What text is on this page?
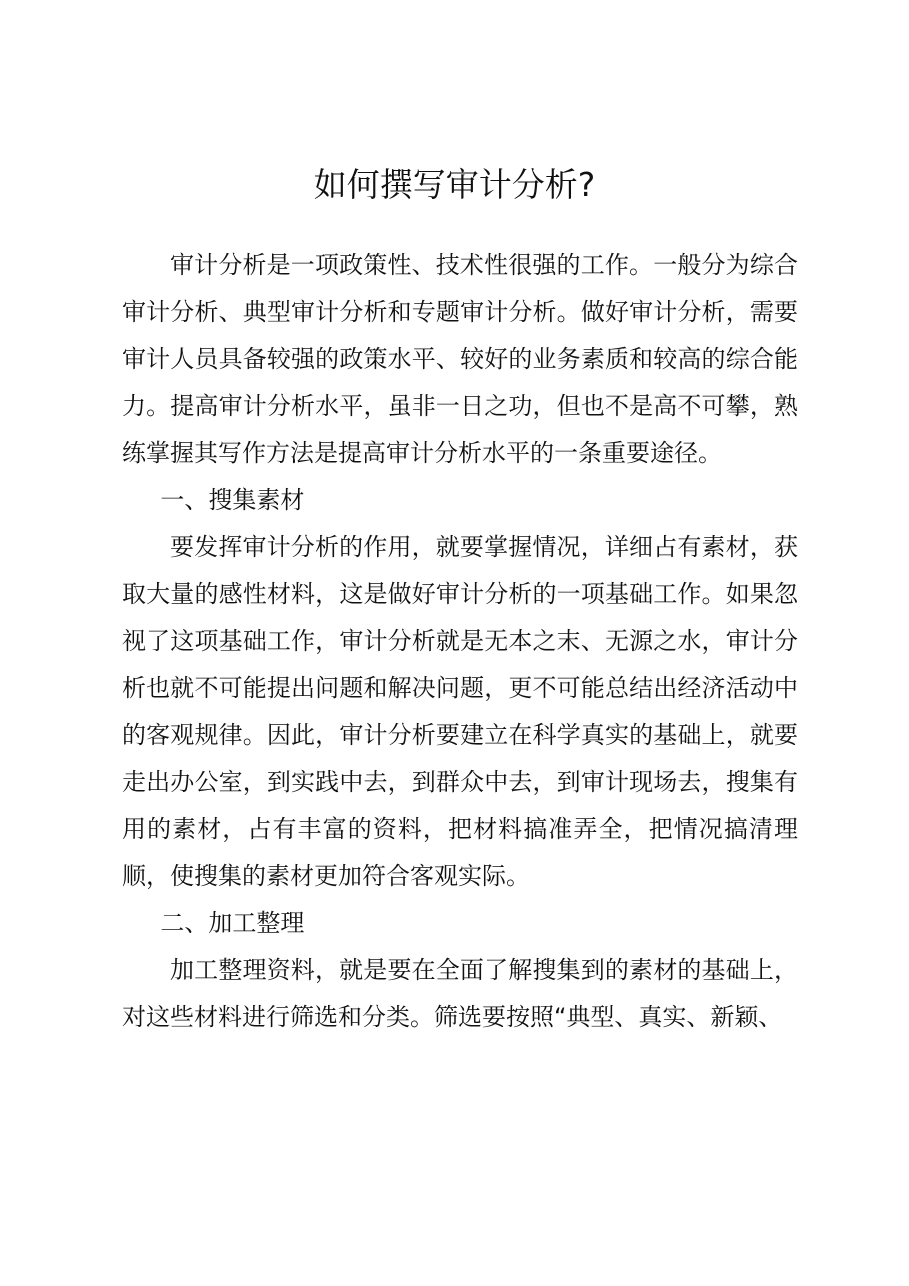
如何撰写审计分析?

审计分析是一项政策性、技术性很强的工作。一般分为综合审计分析、典型审计分析和专题审计分析。做好审计分析，需要审计人员具备较强的政策水平、较好的业务素质和较高的综合能力。提高审计分析水平，虽非一日之功，但也不是高不可攀，熟练掌握其写作方法是提高审计分析水平的一条重要途径。

一、搜集素材

要发挥审计分析的作用，就要掌握情况，详细占有素材，获取大量的感性材料，这是做好审计分析的一项基础工作。如果忽视了这项基础工作，审计分析就是无本之末、无源之水，审计分析也就不可能提出问题和解决问题，更不可能总结出经济活动中的客观规律。因此，审计分析要建立在科学真实的基础上，就要走出办公室，到实践中去，到群众中去，到审计现场去，搜集有用的素材，占有丰富的资料，把材料搞准弄全，把情况搞清理顺，使搜集的素材更加符合客观实际。

二、加工整理

加工整理资料，就是要在全面了解搜集到的素材的基础上，对这些材料进行筛选和分类。筛选要按照“典型、真实、新颖、
